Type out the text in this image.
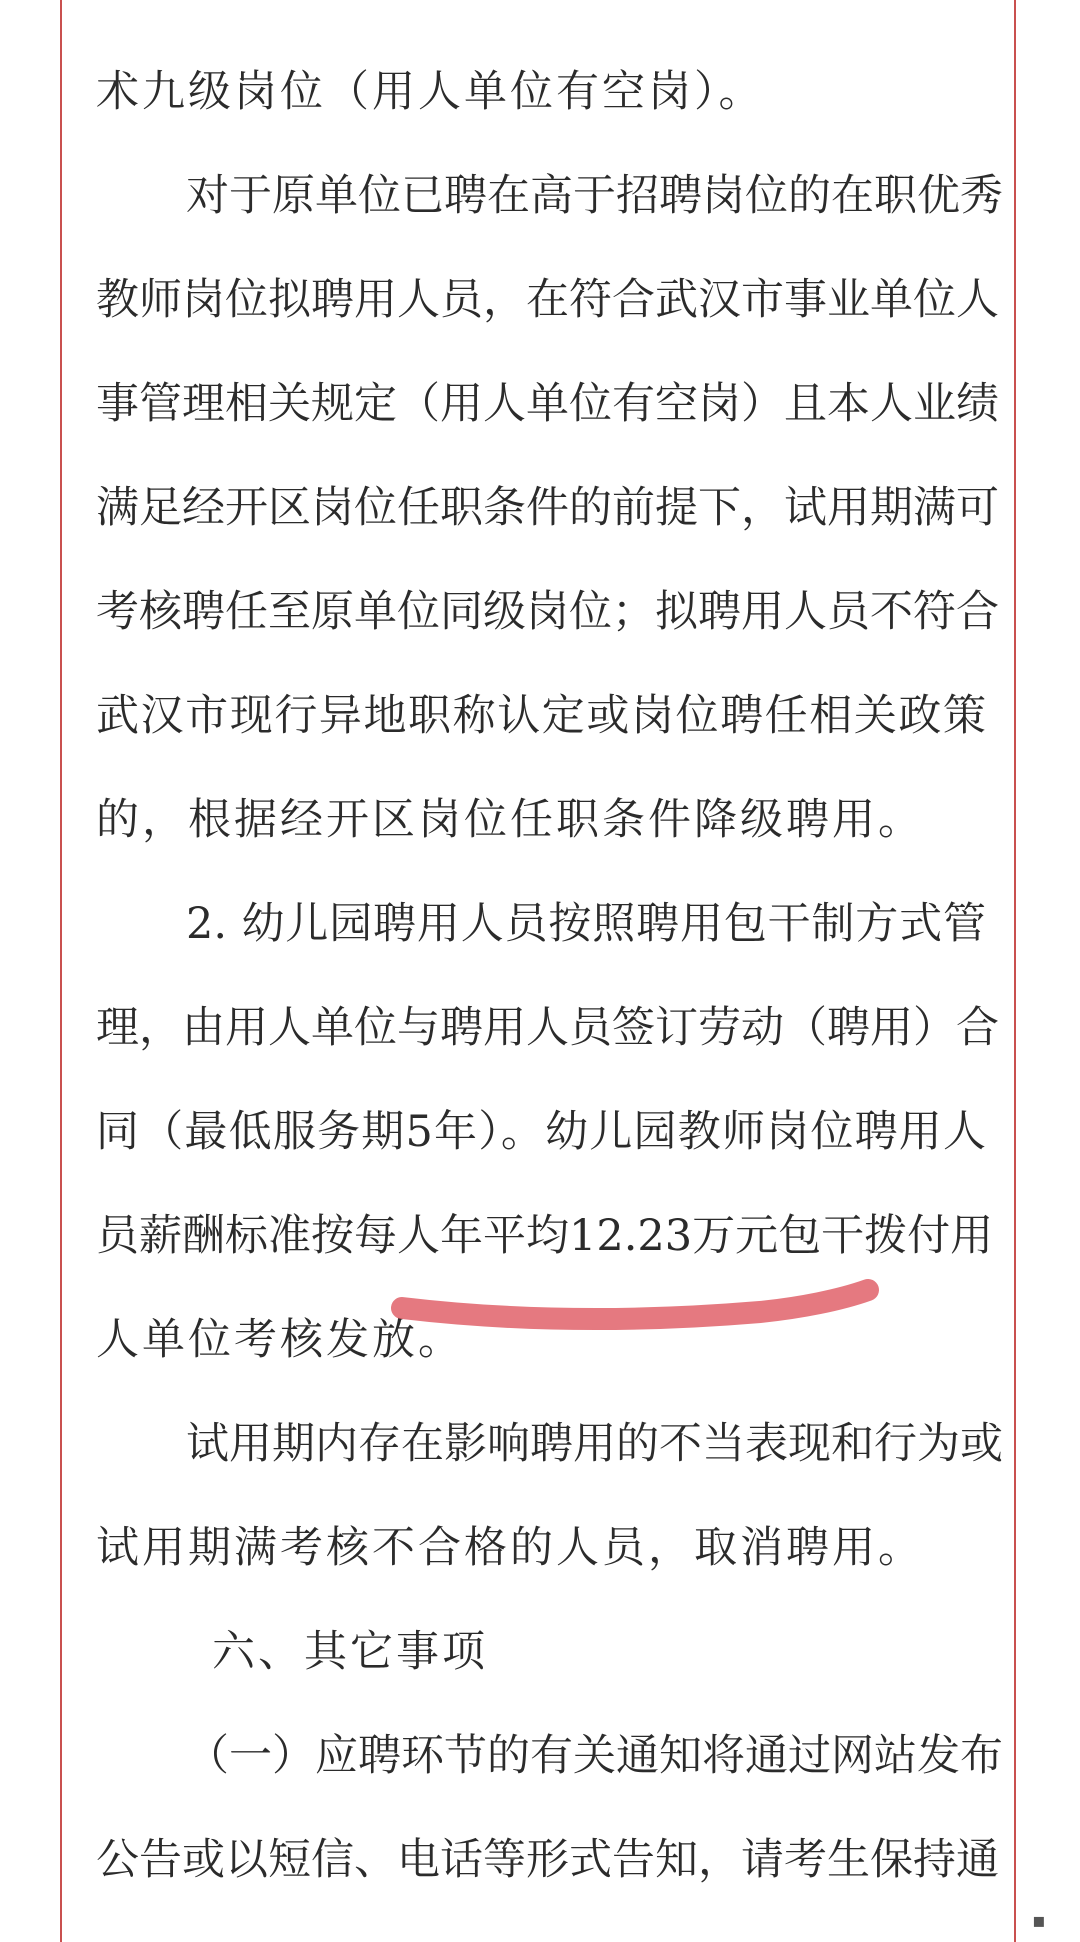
术九级岗位（用人单位有空岗）。

对于原单位已聘在高于招聘岗位的在职优秀

教师岗位拟聘用人员，在符合武汉市事业单位人

事管理相关规定（用人单位有空岗）且本人业绩

满足经开区岗位任职条件的前提下，试用期满可

考核聘任至原单位同级岗位；拟聘用人员不符合

武汉市现行异地职称认定或岗位聘任相关政策

的，根据经开区岗位任职条件降级聘用。

2. 幼儿园聘用人员按照聘用包干制方式管

理，由用人单位与聘用人员签订劳动（聘用）合

同（最低服务期5年）。幼儿园教师岗位聘用人

员薪酬标准按每人年平均12.23万元包干拨付用

人单位考核发放。

试用期内存在影响聘用的不当表现和行为或

试用期满考核不合格的人员，取消聘用。

六、其它事项

（一）应聘环节的有关通知将通过网站发布

公告或以短信、电话等形式告知，请考生保持通

▪
